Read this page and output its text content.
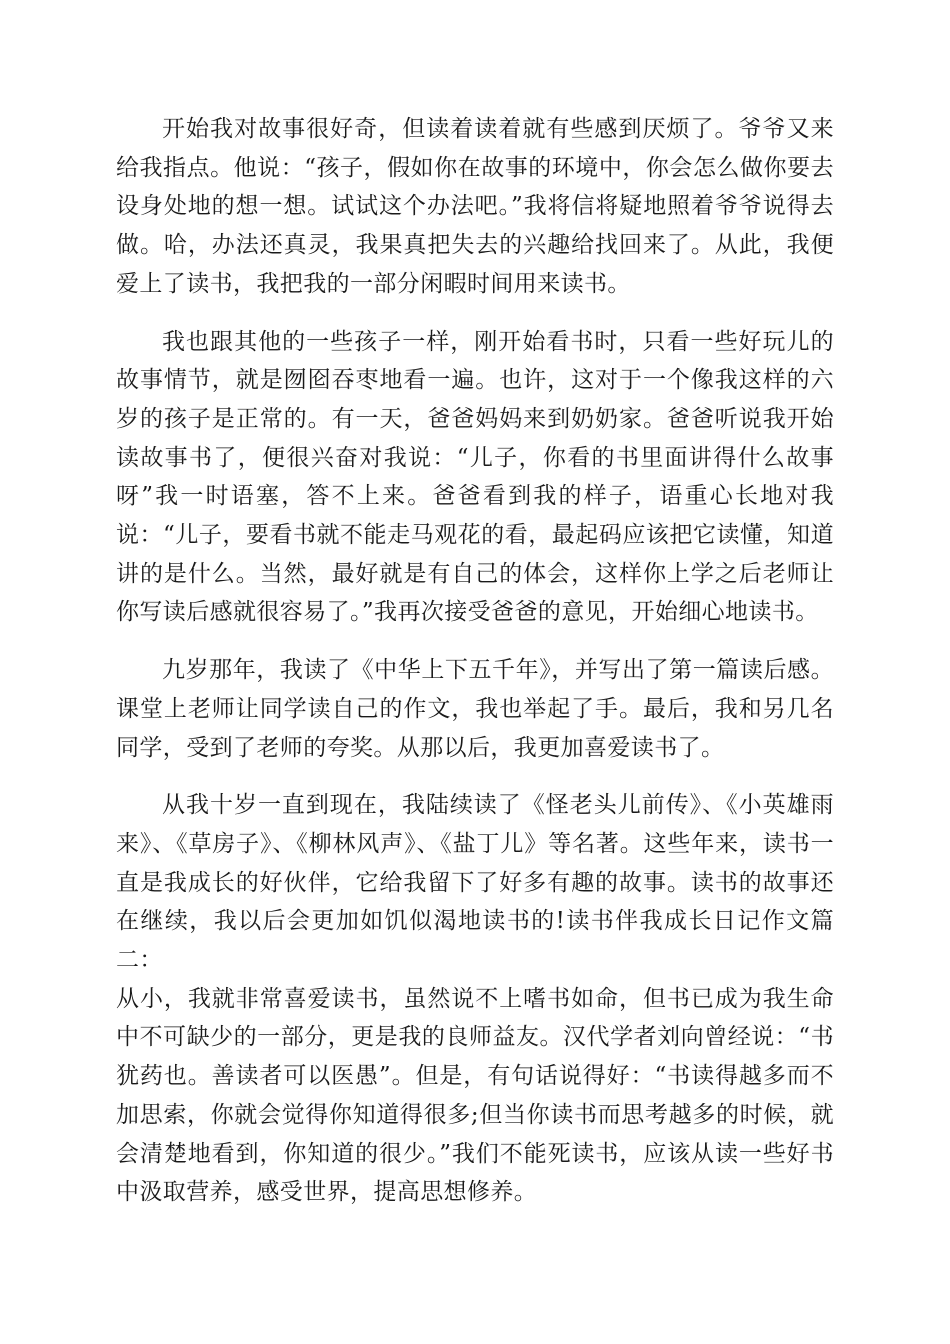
开始我对故事很好奇，但读着读着就有些感到厌烦了。爷爷又来给我指点。他说：“孩子，假如你在故事的环境中，你会怎么做你要去设身处地的想一想。试试这个办法吧。”我将信将疑地照着爷爷说得去做。哈，办法还真灵，我果真把失去的兴趣给找回来了。从此，我便爱上了读书，我把我的一部分闲暇时间用来读书。

我也跟其他的一些孩子一样，刚开始看书时，只看一些好玩儿的故事情节，就是囫囵吞枣地看一遍。也许，这对于一个像我这样的六岁的孩子是正常的。有一天，爸爸妈妈来到奶奶家。爸爸听说我开始读故事书了，便很兴奋对我说：“儿子，你看的书里面讲得什么故事呀”我一时语塞，答不上来。爸爸看到我的样子，语重心长地对我说：“儿子，要看书就不能走马观花的看，最起码应该把它读懂，知道讲的是什么。当然，最好就是有自己的体会，这样你上学之后老师让你写读后感就很容易了。”我再次接受爸爸的意见，开始细心地读书。

九岁那年，我读了《中华上下五千年》，并写出了第一篇读后感。课堂上老师让同学读自己的作文，我也举起了手。最后，我和另几名同学，受到了老师的夸奖。从那以后，我更加喜爱读书了。

从我十岁一直到现在，我陆续读了《怪老头儿前传》、《小英雄雨来》、《草房子》、《柳林风声》、《盐丁儿》等名著。这些年来，读书一直是我成长的好伙伴，它给我留下了好多有趣的故事。读书的故事还在继续，我以后会更加如饥似渴地读书的!读书伴我成长日记作文篇二：

从小，我就非常喜爱读书，虽然说不上嗜书如命，但书已成为我生命中不可缺少的一部分，更是我的良师益友。汉代学者刘向曾经说：“书犹药也。善读者可以医愚”。但是，有句话说得好：“书读得越多而不加思索，你就会觉得你知道得很多;但当你读书而思考越多的时候，就会清楚地看到，你知道的很少。”我们不能死读书，应该从读一些好书中汲取营养，感受世界，提高思想修养。
